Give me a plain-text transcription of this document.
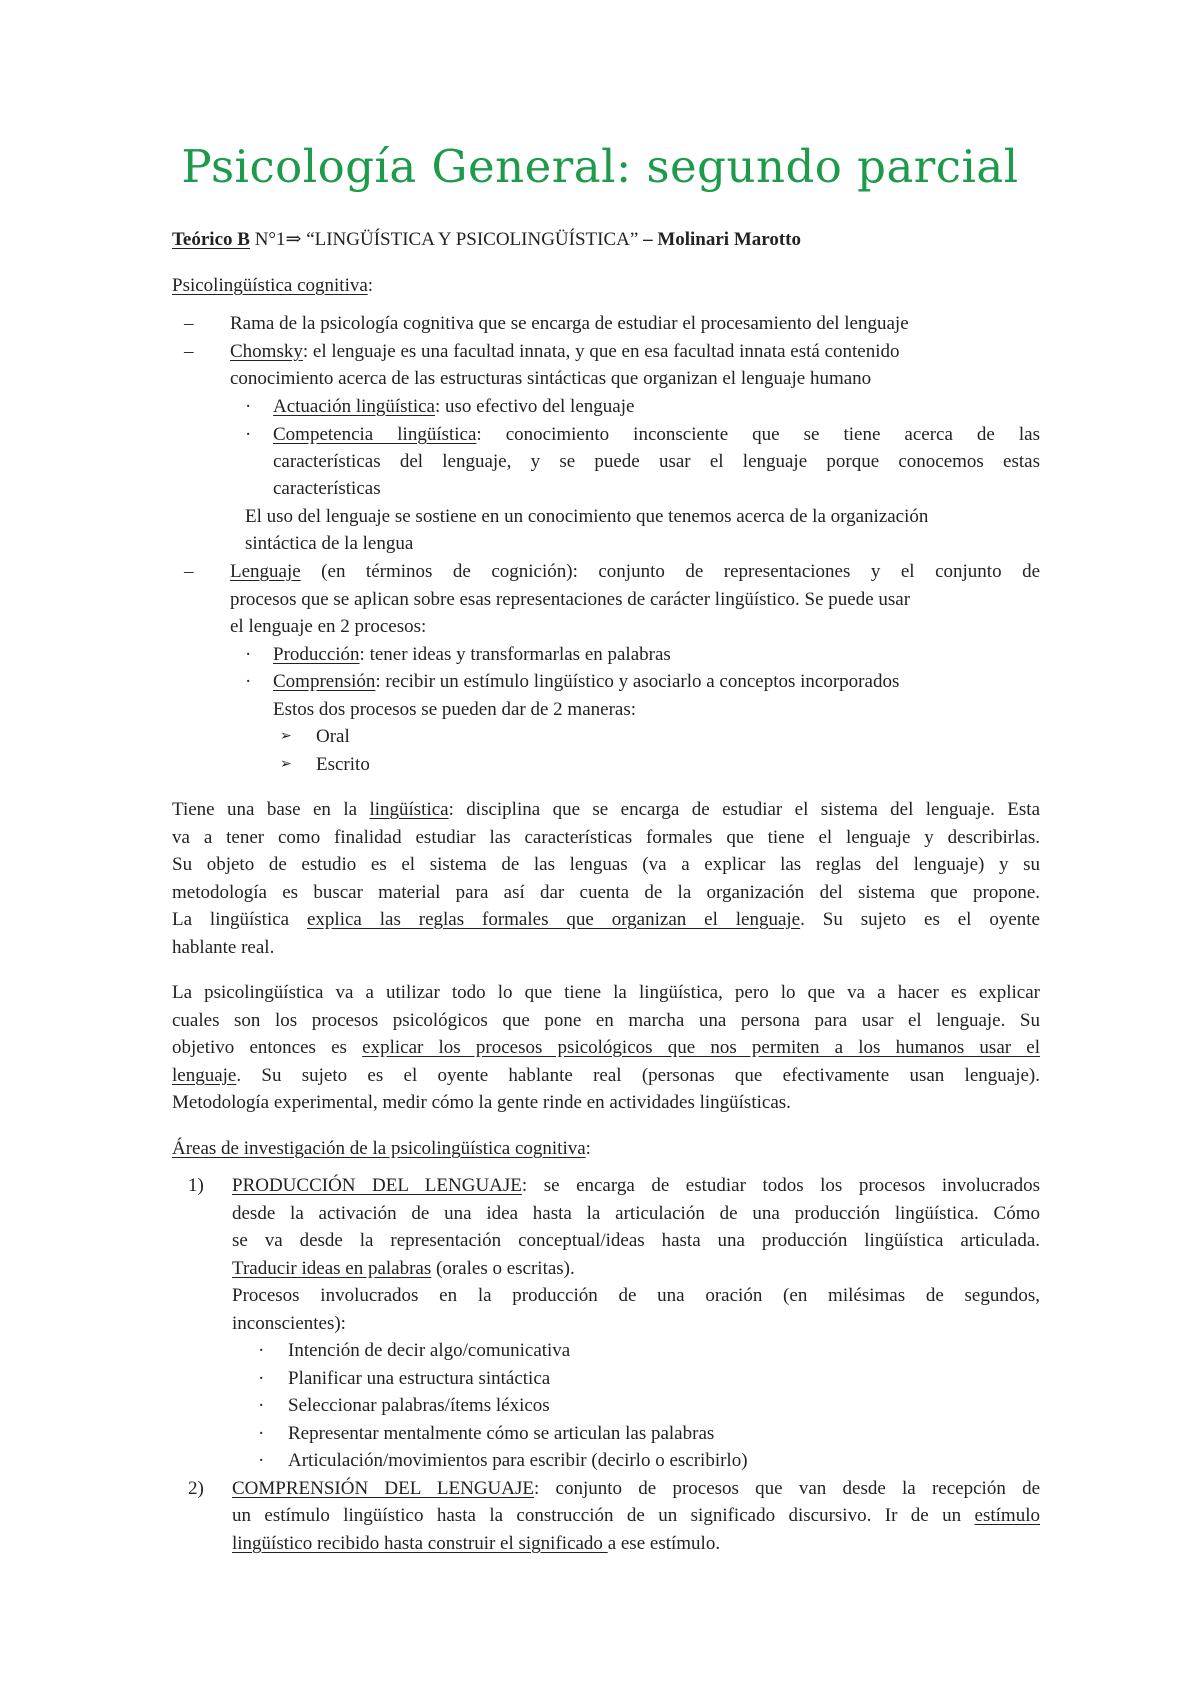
Psicología General: segundo parcial
Teórico B N°1⇒ “LINGÜÍSTICA Y PSICOLINGÜÍSTICA” – Molinari Marotto
Psicolingüística cognitiva:
– Rama de la psicología cognitiva que se encarga de estudiar el procesamiento del lenguaje
– Chomsky: el lenguaje es una facultad innata, y que en esa facultad innata está contenido
conocimiento acerca de las estructuras sintácticas que organizan el lenguaje humano
· Actuación lingüística: uso efectivo del lenguaje
· Competencia lingüística: conocimiento inconsciente que se tiene acerca de las
características del lenguaje, y se puede usar el lenguaje porque conocemos estas
características
El uso del lenguaje se sostiene en un conocimiento que tenemos acerca de la organización
sintáctica de la lengua
– Lenguaje (en términos de cognición): conjunto de representaciones y el conjunto de
procesos que se aplican sobre esas representaciones de carácter lingüístico. Se puede usar
el lenguaje en 2 procesos:
· Producción: tener ideas y transformarlas en palabras
· Comprensión: recibir un estímulo lingüístico y asociarlo a conceptos incorporados
Estos dos procesos se pueden dar de 2 maneras:
➢ Oral
➢ Escrito
Tiene una base en la lingüística: disciplina que se encarga de estudiar el sistema del lenguaje. Esta
va a tener como finalidad estudiar las características formales que tiene el lenguaje y describirlas.
Su objeto de estudio es el sistema de las lenguas (va a explicar las reglas del lenguaje) y su
metodología es buscar material para así dar cuenta de la organización del sistema que propone.
La lingüística explica las reglas formales que organizan el lenguaje. Su sujeto es el oyente
hablante real.
La psicolingüística va a utilizar todo lo que tiene la lingüística, pero lo que va a hacer es explicar
cuales son los procesos psicológicos que pone en marcha una persona para usar el lenguaje. Su
objetivo entonces es explicar los procesos psicológicos que nos permiten a los humanos usar el
lenguaje. Su sujeto es el oyente hablante real (personas que efectivamente usan lenguaje).
Metodología experimental, medir cómo la gente rinde en actividades lingüísticas.
Áreas de investigación de la psicolingüística cognitiva:
1) PRODUCCIÓN DEL LENGUAJE: se encarga de estudiar todos los procesos involucrados
desde la activación de una idea hasta la articulación de una producción lingüística. Cómo
se va desde la representación conceptual/ideas hasta una producción lingüística articulada.
Traducir ideas en palabras (orales o escritas).
Procesos involucrados en la producción de una oración (en milésimas de segundos,
inconscientes):
· Intención de decir algo/comunicativa
· Planificar una estructura sintáctica
· Seleccionar palabras/ítems léxicos
· Representar mentalmente cómo se articulan las palabras
· Articulación/movimientos para escribir (decirlo o escribirlo)
2) COMPRENSIÓN DEL LENGUAJE: conjunto de procesos que van desde la recepción de
un estímulo lingüístico hasta la construcción de un significado discursivo. Ir de un estímulo
lingüístico recibido hasta construir el significado a ese estímulo.
